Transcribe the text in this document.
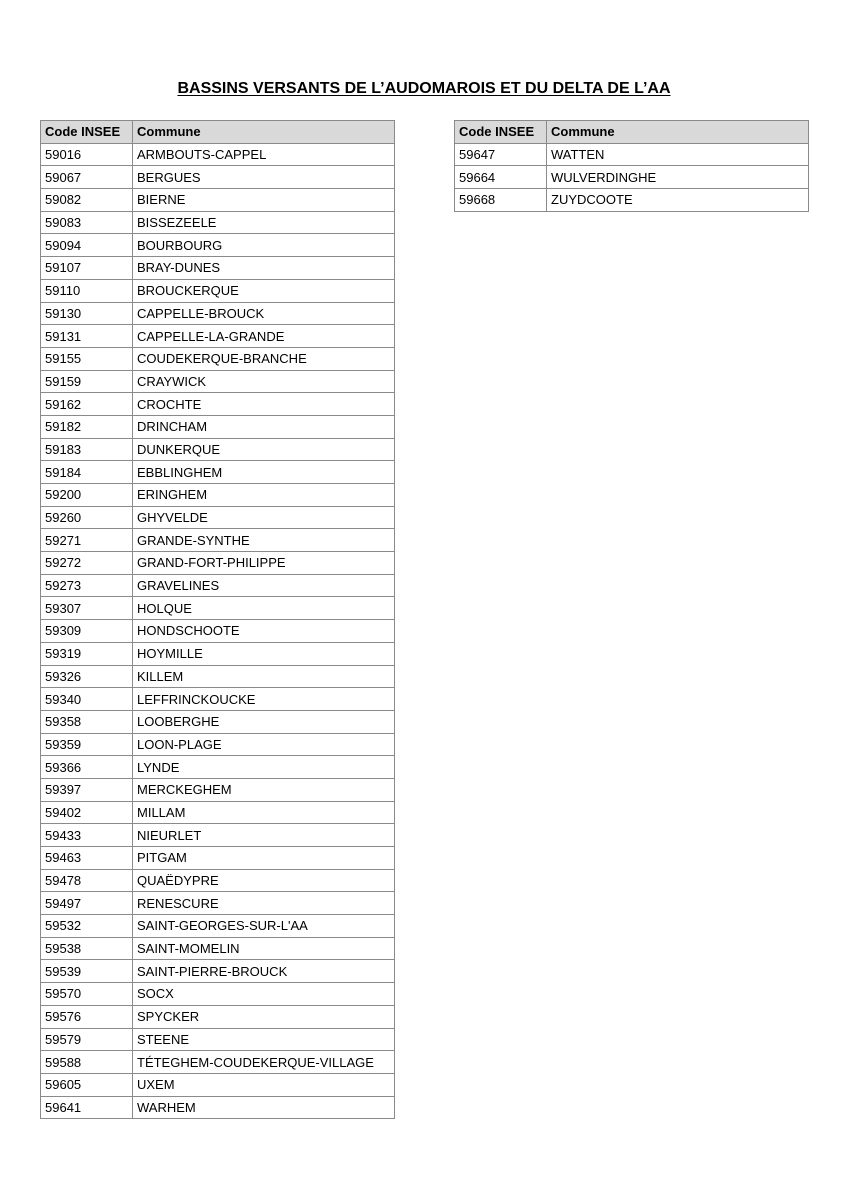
BASSINS VERSANTS DE L’AUDOMAROIS ET DU DELTA DE L’AA
Code INSEE	Commune
59016	ARMBOUTS-CAPPEL
59067	BERGUES
59082	BIERNE
59083	BISSEZEELE
59094	BOURBOURG
59107	BRAY-DUNES
59110	BROUCKERQUE
59130	CAPPELLE-BROUCK
59131	CAPPELLE-LA-GRANDE
59155	COUDEKERQUE-BRANCHE
59159	CRAYWICK
59162	CROCHTE
59182	DRINCHAM
59183	DUNKERQUE
59184	EBBLINGHEM
59200	ERINGHEM
59260	GHYVELDE
59271	GRANDE-SYNTHE
59272	GRAND-FORT-PHILIPPE
59273	GRAVELINES
59307	HOLQUE
59309	HONDSCHOOTE
59319	HOYMILLE
59326	KILLEM
59340	LEFFRINCKOUCKE
59358	LOOBERGHE
59359	LOON-PLAGE
59366	LYNDE
59397	MERCKEGHEM
59402	MILLAM
59433	NIEURLET
59463	PITGAM
59478	QUAËDYPRE
59497	RENESCURE
59532	SAINT-GEORGES-SUR-L'AA
59538	SAINT-MOMELIN
59539	SAINT-PIERRE-BROUCK
59570	SOCX
59576	SPYCKER
59579	STEENE
59588	TÉTEGHEM-COUDEKERQUE-VILLAGE
59605	UXEM
59641	WARHEM
Code INSEE	Commune
59647	WATTEN
59664	WULVERDINGHE
59668	ZUYDCOOTE
